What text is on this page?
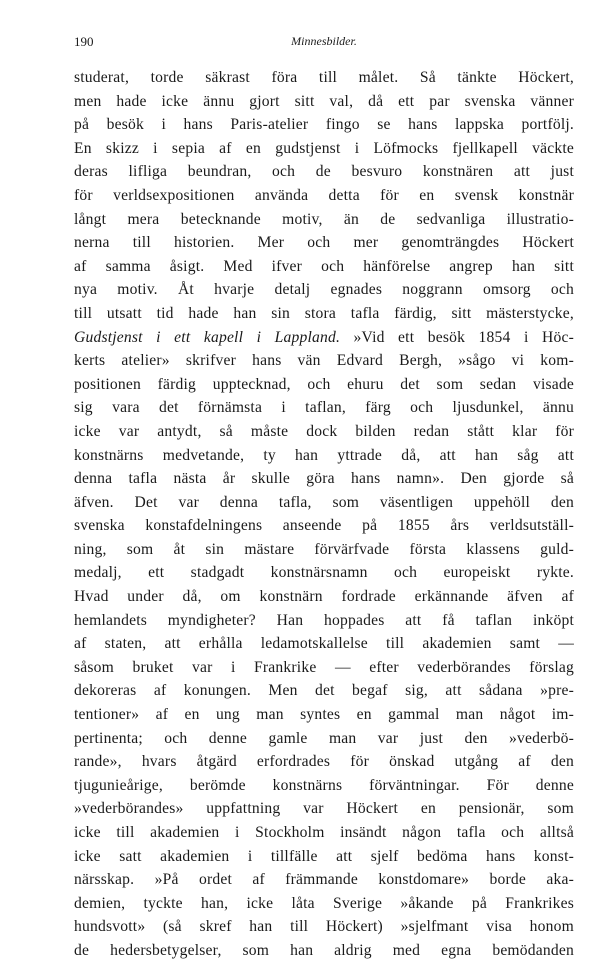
190	Minnesbilder.
studerat, torde säkrast föra till målet. Så tänkte Höckert,
men hade icke ännu gjort sitt val, då ett par svenska vänner
på besök i hans Paris-atelier fingo se hans lappska portfölj.
En skizz i sepia af en gudstjenst i Löfmocks fjellkapell väckte
deras lifliga beundran, och de besvuro konstnären att just
för verldsexpositionen använda detta för en svensk konstnär
långt mera betecknande motiv, än de sedvanliga illustratio-
nerna till historien. Mer och mer genomträngdes Höckert
af samma åsigt. Med ifver och hänförelse angrep han sitt
nya motiv. Åt hvarje detalj egnades noggrann omsorg och
till utsatt tid hade han sin stora tafla färdig, sitt mästerstycke,
Gudstjenst i ett kapell i Lappland. »Vid ett besök 1854 i Höc-
kerts atelier» skrifver hans vän Edvard Bergh, »sågo vi kom-
positionen färdig upptecknad, och ehuru det som sedan visade
sig vara det förnämsta i taflan, färg och ljusdunkel, ännu
icke var antydt, så måste dock bilden redan stått klar för
konstnärns medvetande, ty han yttrade då, att han såg att
denna tafla nästa år skulle göra hans namn». Den gjorde så
äfven. Det var denna tafla, som väsentligen uppehöll den
svenska konstafdelningens anseende på 1855 års verldsutställ-
ning, som åt sin mästare förvärfvade första klassens guld-
medalj, ett stadgadt konstnärsnamn och europeiskt rykte.
Hvad under då, om konstnärn fordrade erkännande äfven af
hemlandets myndigheter? Han hoppades att få taflan inköpt
af staten, att erhålla ledamotskallelse till akademien samt —
såsom bruket var i Frankrike — efter vederbörandes förslag
dekoreras af konungen. Men det begaf sig, att sådana »pre-
tentioner» af en ung man syntes en gammal man något im-
pertinenta; och denne gamle man var just den »vederbö-
rande», hvars åtgärd erfordrades för önskad utgång af den
tjugunieårige, berömde konstnärns förväntningar. För denne
»vederbörandes» uppfattning var Höckert en pensionär, som
icke till akademien i Stockholm insändt någon tafla och alltså
icke satt akademien i tillfälle att sjelf bedöma hans konst-
närsskap. »På ordet af främmande konstdomare» borde aka-
demien, tyckte han, icke låta Sverige »åkande på Frankrikes
hundsvott» (så skref han till Höckert) »sjelfmant visa honom
de hedersbetygelser, som han aldrig med egna bemödanden
